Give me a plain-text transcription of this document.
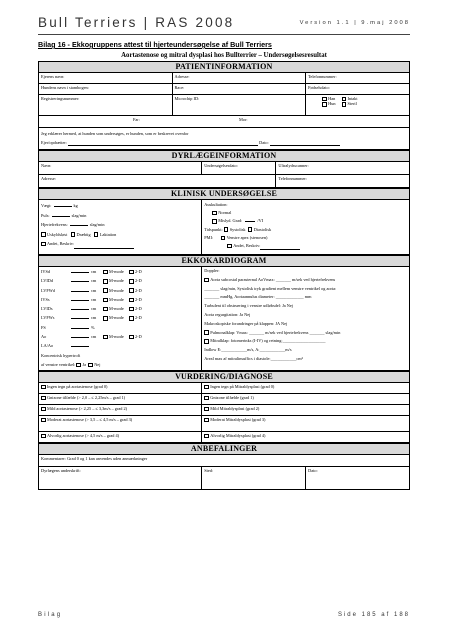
Bull Terriers | RAS 2008	Version 1.1 | 9.maj 2008
Bilag 16 - Ekkogruppens attest til hjerteundersøgelse af Bull Terriers
Aortastenose og mitral dysplasi hos Bullterrier – Undersøgelsesresultat
PATIENTINFORMATION
Ejerens navn:	Adresse:	Telefonnummer:
Hundens navn i stambogen:	Race:	Fødselsdato:
Registreringsnummer:	Microchip ID:	Han
Hun
Intakt
Steril

Far: Mor:		

Jeg erklærer hermed, at hunden som undersøges, er hunden, som er beskrevet ovenfor
Ejer/opdrætter: Dato:		
DYRLÆGEINFORMATION
Navn:	Undersøgelsesdato:	Ultralydsscanner:
Adresse:		Telefonnummer:
KLINISK UNDERSØGELSE
Vægt:	kg
Puls:	slag/min
Hjertefrekvens:	slag/min
Uskyldsløst Dræbtig Laktation
Andet, Beskriv:

Auskultation:
Normal
Mislyd. Grad:	/VI
Tidspunkt: Systolisk Diastolisk
PMI:	Venstre apex (stenosen)
Andet, Beskriv:
EKKOKARDIOGRAM
IVSd	cm	M-mode	2-D
LVIDd	cm	M-mode	2-D
LVFWd	cm	M-mode	2-D
IVSs	cm	M-mode	2-D
LVIDs	cm	M-mode	2-D
LVFWs	cm	M-mode	2-D
FS	%
Ao	cm	M-mode	2-D
LA/Ao
Koncentrisk hypertrofi
af venstre ventrikel: Ja Nej

Doppler:
Aorta subcostal parasternal AoVmax: _______ m/sek ved hjertefrekvens
_______ slag/min, Systolisk tryk gradient mellem venstre ventrikel og aorta:
_______ mmHg, Aortaannulus diameter: _____________ mm
Turbulent til obstruering i venstre udløbsdel: Ja Nej
Aorta regurgitation: Ja Nej
Makroskopiske forandringer på klappen: JA Nej
Pulmonalklap: Vmax: _______ m/sek ved hjertefrekvens _______ slag/min
Mitralklap: fotomerinks (I-IV) og retning:____________________
Indlow E:____________m/s, A:____________m/s
Areal max af mitralinsuffics i diastole:____________cm²
VURDERING/DIAGNOSE
Ingen tegn på aortastenose (grad 0)	Ingen tegn på Mitraldysplasi (grad 0)
Gnizone tilfælde (> 2,0 – ≤ 2,25m/s – grad 1)	Gnizone tilfælde (grad 1)
Mild aortastenose (> 2,25 – ≤ 3,3m/s – grad 2)	Mild Mitraldysplasi (grad 2)
Moderat aortastenose (> 3,5 – ≤ 4,5 m/s – grad 3)	Moderat Mitraldysplasi (grad 3)
Alvorlig aortastenose (> 4,5 m/s – grad 4)	Alvorlig Mitraldysplasi (grad 4)
ANBEFALINGER
Kommentarer: Grad 0 og 1 kan anvendes uden anmærkninger
Dyrlægens underskrift:	Sted:	Dato:
Bilag	Side 185 af 188
